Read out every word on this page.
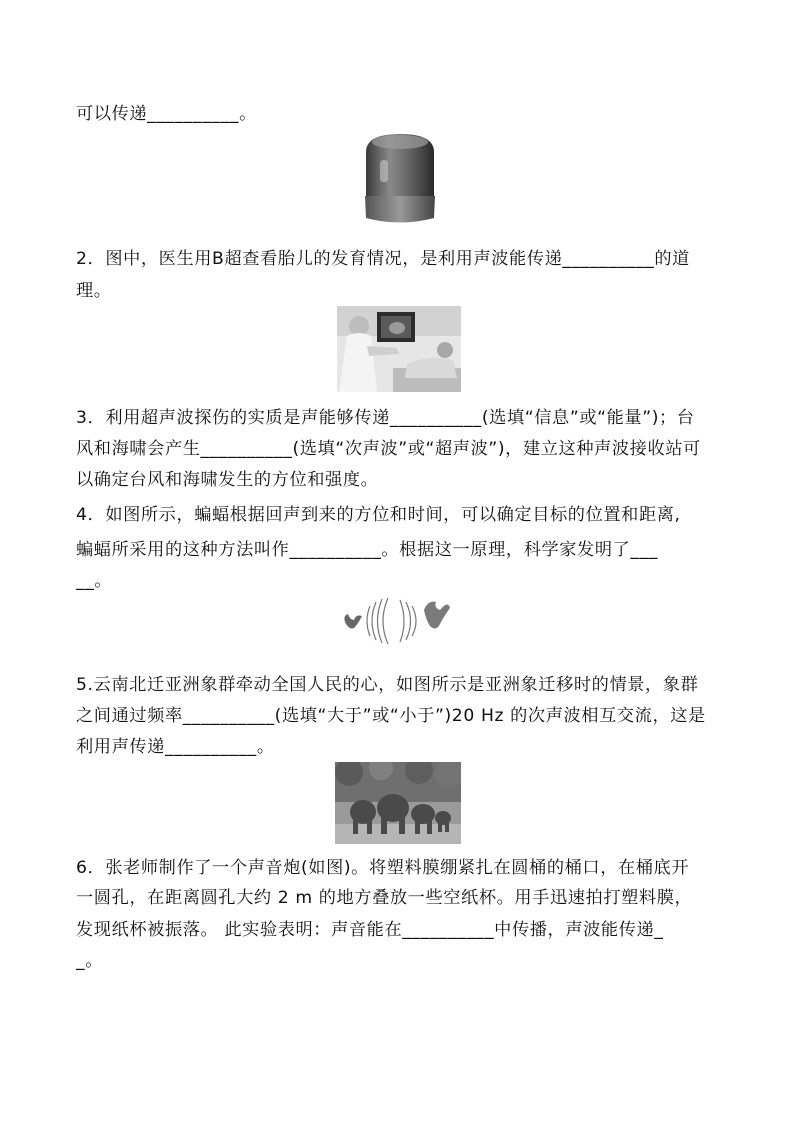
可以传递__________。
2．图中，医生用B超查看胎儿的发育情况，是利用声波能传递__________的道
理。
3．利用超声波探伤的实质是声能够传递__________(选填“信息”或“能量”)；台
风和海啸会产生__________(选填“次声波”或“超声波”)，建立这种声波接收站可
以确定台风和海啸发生的方位和强度。
4．如图所示，蝙蝠根据回声到来的方位和时间，可以确定目标的位置和距离,
蝙蝠所采用的这种方法叫作__________。根据这一原理，科学家发明了___
__。
5.云南北迁亚洲象群牵动全国人民的心，如图所示是亚洲象迁移时的情景，象群
之间通过频率__________(选填“大于”或“小于”)20 Hz 的次声波相互交流，这是
利用声传递__________。
6．张老师制作了一个声音炮(如图)。将塑料膜绷紧扎在圆桶的桶口，在桶底开
一圆孔，在距离圆孔大约 2 m 的地方叠放一些空纸杯。用手迅速拍打塑料膜，
发现纸杯被振落。 此实验表明：声音能在__________中传播，声波能传递_
_。
